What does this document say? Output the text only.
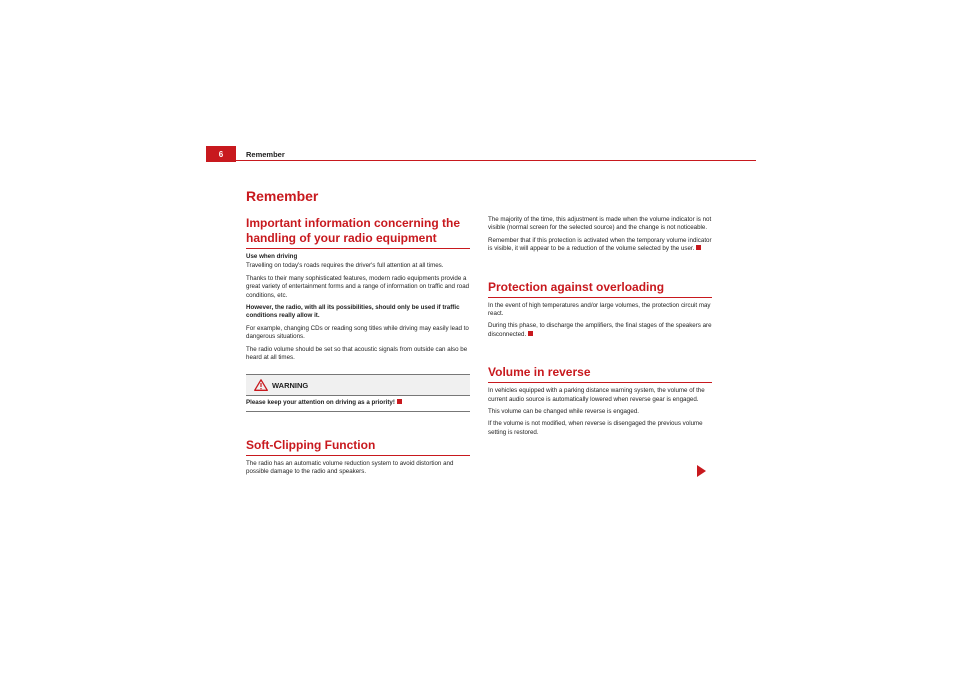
6	Remember
Remember
Important information concerning the handling of your radio equipment

Use when driving

Travelling on today's roads requires the driver's full attention at all times.

Thanks to their many sophisticated features, modern radio equipments provide a great variety of entertainment forms and a range of information on traffic and road conditions, etc.

However, the radio, with all its possibilities, should only be used if traffic conditions really allow it.

For example, changing CDs or reading song titles while driving may easily lead to dangerous situations.

The radio volume should be set so that acoustic signals from outside can also be heard at all times.

WARNING

Please keep your attention on driving as a priority!

Soft-Clipping Function

The radio has an automatic volume reduction system to avoid distortion and possible damage to the radio and speakers.

The majority of the time, this adjustment is made when the volume indicator is not visible (normal screen for the selected source) and the change is not noticeable.

Remember that if this protection is activated when the temporary volume indicator is visible, it will appear to be a reduction of the volume selected by the user.

Protection against overloading

In the event of high temperatures and/or large volumes, the protection circuit may react.

During this phase, to discharge the amplifiers, the final stages of the speakers are disconnected.

Volume in reverse

In vehicles equipped with a parking distance warning system, the volume of the current audio source is automatically lowered when reverse gear is engaged.

This volume can be changed while reverse is engaged.

If the volume is not modified, when reverse is disengaged the previous volume setting is restored.
